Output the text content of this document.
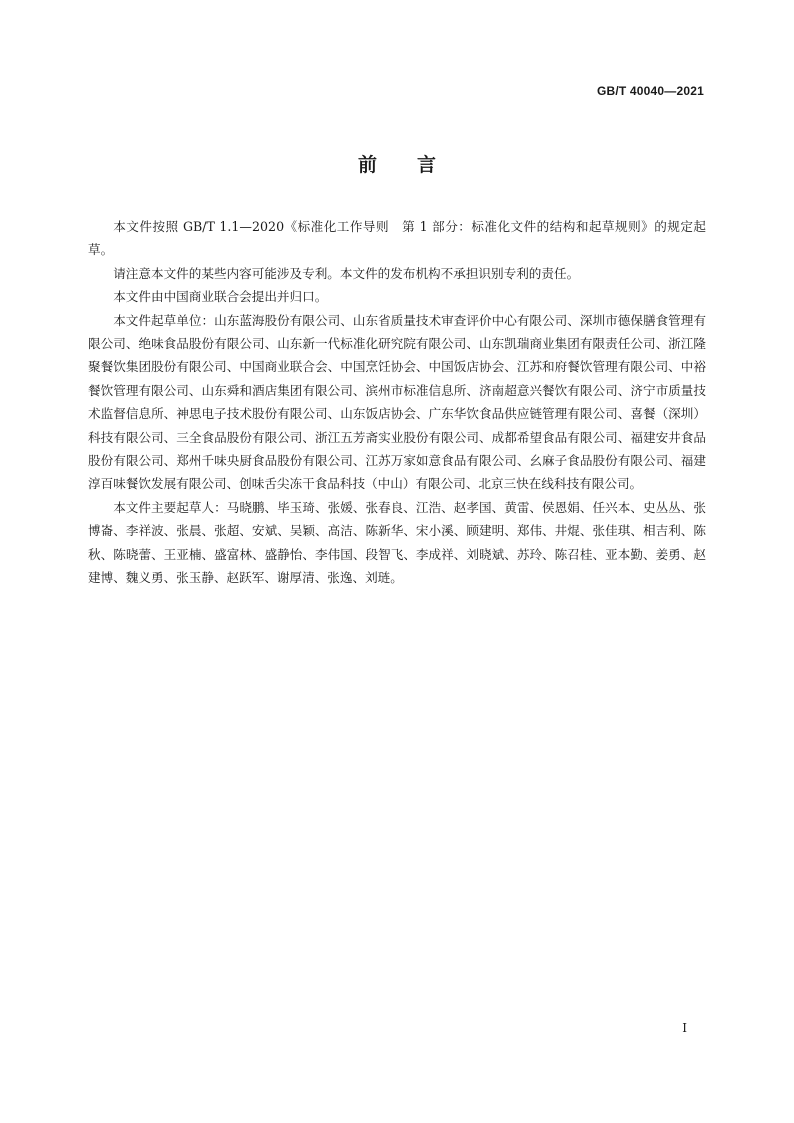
GB/T 40040—2021
前言

本文件按照 GB/T 1.1—2020《标准化工作导则　第 1 部分：标准化文件的结构和起草规则》的规定起草。

请注意本文件的某些内容可能涉及专利。本文件的发布机构不承担识别专利的责任。

本文件由中国商业联合会提出并归口。

本文件起草单位：山东蓝海股份有限公司、山东省质量技术审查评价中心有限公司、深圳市德保膳食管理有限公司、绝味食品股份有限公司、山东新一代标准化研究院有限公司、山东凯瑞商业集团有限责任公司、浙江隆聚餐饮集团股份有限公司、中国商业联合会、中国烹饪协会、中国饭店协会、江苏和府餐饮管理有限公司、中裕餐饮管理有限公司、山东舜和酒店集团有限公司、滨州市标准信息所、济南超意兴餐饮有限公司、济宁市质量技术监督信息所、神思电子技术股份有限公司、山东饭店协会、广东华饮食品供应链管理有限公司、喜餐（深圳）科技有限公司、三全食品股份有限公司、浙江五芳斋实业股份有限公司、成都希望食品有限公司、福建安井食品股份有限公司、郑州千味央厨食品股份有限公司、江苏万家如意食品有限公司、幺麻子食品股份有限公司、福建淳百味餐饮发展有限公司、创味舌尖冻干食品科技（中山）有限公司、北京三快在线科技有限公司。

本文件主要起草人：马晓鹏、毕玉琦、张媛、张春良、江浩、赵孝国、黄雷、侯恩娟、任兴本、史丛丛、张博崙、李祥波、张晨、张超、安斌、吴颖、高洁、陈新华、宋小溪、顾建明、郑伟、井焜、张佳琪、相吉利、陈秋、陈晓蕾、王亚楠、盛富林、盛静怡、李伟国、段智飞、李成祥、刘晓斌、苏玲、陈召桂、亚本勤、姜勇、赵建博、魏义勇、张玉静、赵跃军、谢厚清、张逸、刘琏。

I
